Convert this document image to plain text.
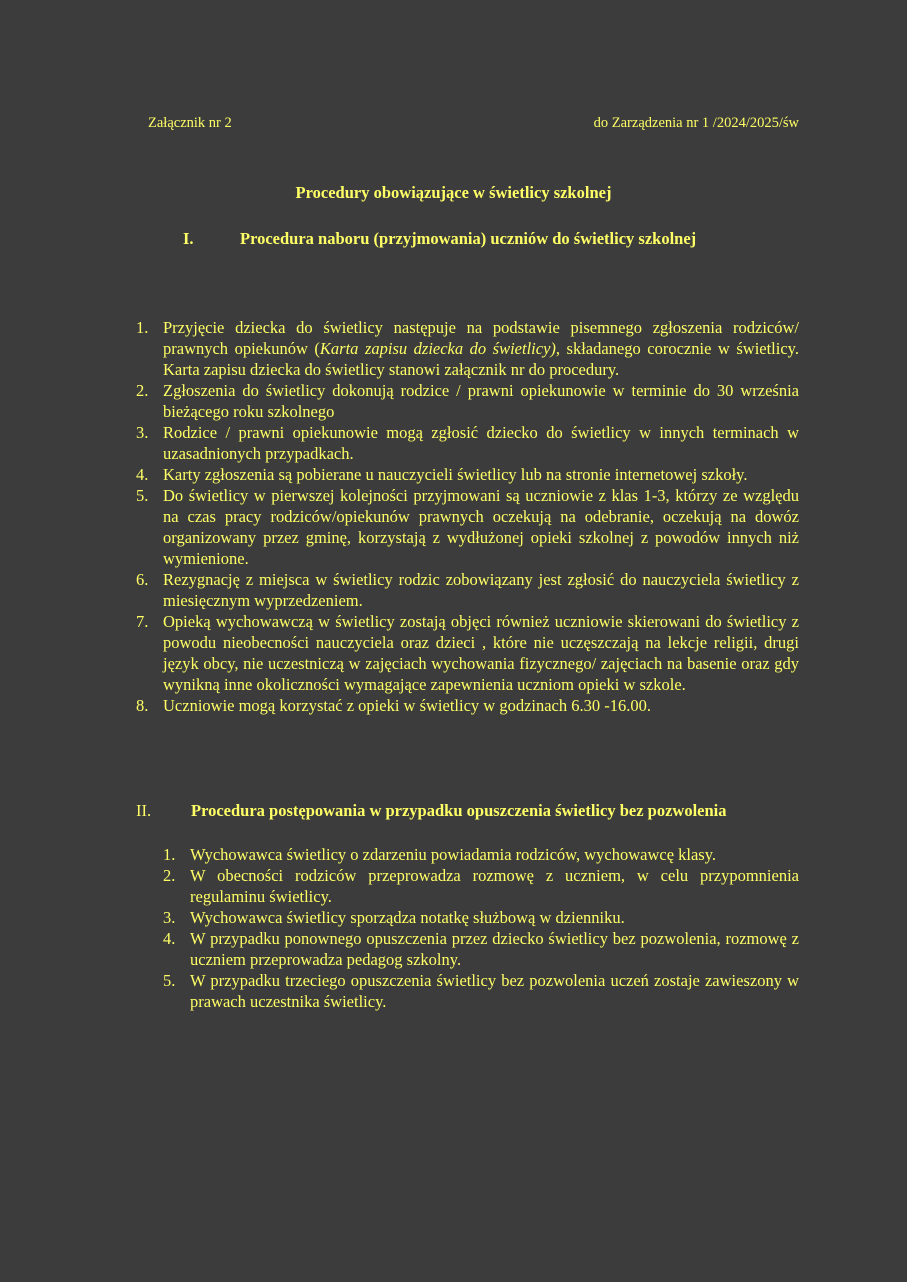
Załącznik nr 2	do Zarządzenia nr 1 /2024/2025/św
Procedury obowiązujące w świetlicy szkolnej
I.	Procedura naboru (przyjmowania) uczniów do świetlicy szkolnej
1. Przyjęcie dziecka do świetlicy następuje na podstawie pisemnego zgłoszenia rodziców/ prawnych opiekunów (Karta zapisu dziecka do świetlicy), składanego corocznie w świetlicy. Karta zapisu dziecka do świetlicy stanowi załącznik nr do procedury.
2. Zgłoszenia do świetlicy dokonują rodzice / prawni opiekunowie w terminie do 30 września bieżącego roku szkolnego
3. Rodzice / prawni opiekunowie mogą zgłosić dziecko do świetlicy w innych terminach w uzasadnionych przypadkach.
4. Karty zgłoszenia są pobierane u nauczycieli świetlicy lub na stronie internetowej szkoły.
5. Do świetlicy w pierwszej kolejności przyjmowani są uczniowie z klas 1-3, którzy ze względu na czas pracy rodziców/opiekunów prawnych oczekują na odebranie, oczekują na dowóz organizowany przez gminę, korzystają z wydłużonej opieki szkolnej z powodów innych niż wymienione.
6. Rezygnację z miejsca w świetlicy rodzic zobowiązany jest zgłosić do nauczyciela świetlicy z miesięcznym wyprzedzeniem.
7. Opieką wychowawczą w świetlicy zostają objęci również uczniowie skierowani do świetlicy z powodu nieobecności nauczyciela oraz dzieci , które nie uczęszczają na lekcje religii, drugi język obcy, nie uczestniczą w zajęciach wychowania fizycznego/ zajęciach na basenie oraz gdy wynikną inne okoliczności wymagające zapewnienia uczniom opieki w szkole.
8. Uczniowie mogą korzystać z opieki w świetlicy w godzinach 6.30 -16.00.
II. Procedura postępowania w przypadku opuszczenia świetlicy bez pozwolenia
1. Wychowawca świetlicy o zdarzeniu powiadamia rodziców, wychowawcę klasy.
2. W obecności rodziców przeprowadza rozmowę z uczniem, w celu przypomnienia regulaminu świetlicy.
3. Wychowawca świetlicy sporządza notatkę służbową w dzienniku.
4. W przypadku ponownego opuszczenia przez dziecko świetlicy bez pozwolenia, rozmowę z uczniem przeprowadza pedagog szkolny.
5. W przypadku trzeciego opuszczenia świetlicy bez pozwolenia uczeń zostaje zawieszony w prawach uczestnika świetlicy.
